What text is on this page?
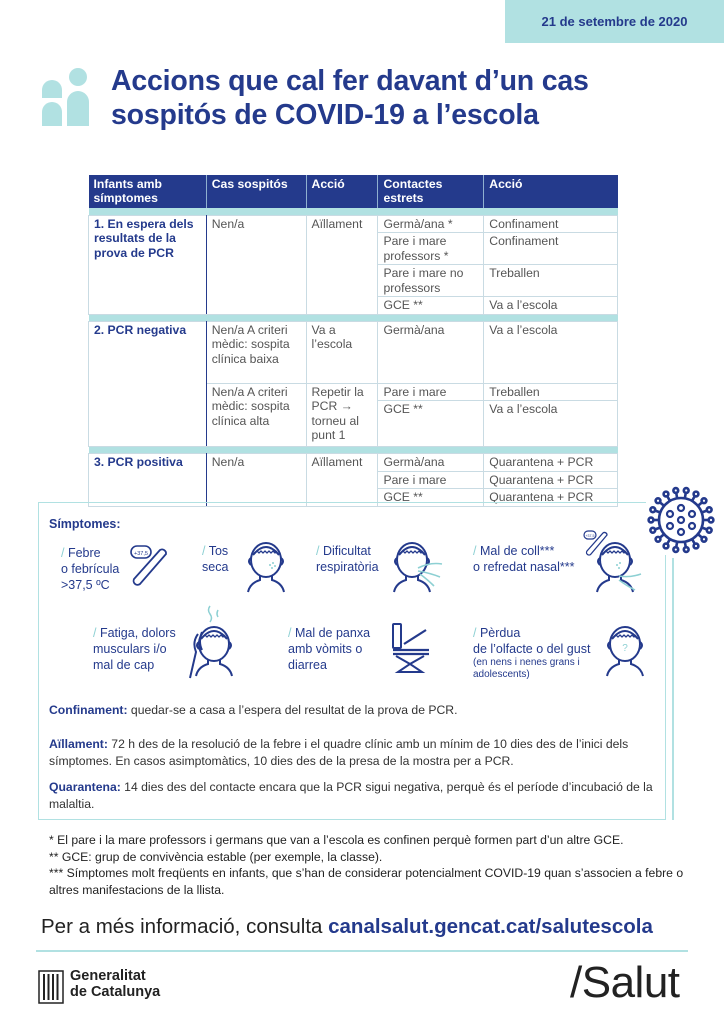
21 de setembre de 2020
Accions que cal fer davant d’un cas
sospitós de COVID-19 a l’escola
Infants amb símptomes	Cas sospitós	Acció	Contactes estrets	Acció

1. En espera dels resultats de la prova de PCR	Nen/a	Aïllament	Germà/ana *	Confinament
			Pare i mare professors *	Confinament
			Pare i mare no professors	Treballen
			GCE **	Va a l’escola

2. PCR negativa	Nen/a A criteri mèdic: sospita clínica baixa	Va a l’escola	Germà/ana	Va a l’escola
	Nen/a A criteri mèdic: sospita clínica alta	Repetir la PCR → torneu al punt 1	Pare i mare	Treballen
			GCE **	Va a l’escola

3. PCR positiva	Nen/a	Aïllament	Germà/ana	Quarantena + PCR
			Pare i mare	Quarantena + PCR
			GCE **	Quarantena + PCR
Símptomes:
/ Febre
o febrícula
>37,5 ºC
+37,5	/ Tos
seca
/ Dificultat
respiratòria
/ Mal de coll***
o refredat nasal***
+37,5
/ Fatiga, dolors
musculars i/o
mal de cap
/ Mal de panxa
amb vòmits o
diarrea
/ Pèrdua
de l’olfacte o del gust
(en nens i nenes grans i adolescents)
?
Confinament: quedar-se a casa a l’espera del resultat de la prova de PCR.
Aïllament: 72 h des de la resolució de la febre i el quadre clínic amb un mínim de 10 dies des de l’inici dels símptomes. En casos asimptomàtics, 10 dies des de la presa de la mostra per a PCR.
Quarantena: 14 dies des del contacte encara que la PCR sigui negativa, perquè és el període d’incubació de la malaltia.
* El pare i la mare professors i germans que van a l’escola es confinen perquè formen part d’un altre GCE.
** GCE: grup de convivència estable (per exemple, la classe).
*** Símptomes molt freqüents en infants, que s’han de considerar potencialment COVID-19 quan s’associen a febre o altres manifestacions de la llista.
Per a més informació, consulta canalsalut.gencat.cat/salutescola
Generalitat
de Catalunya	/Salut
